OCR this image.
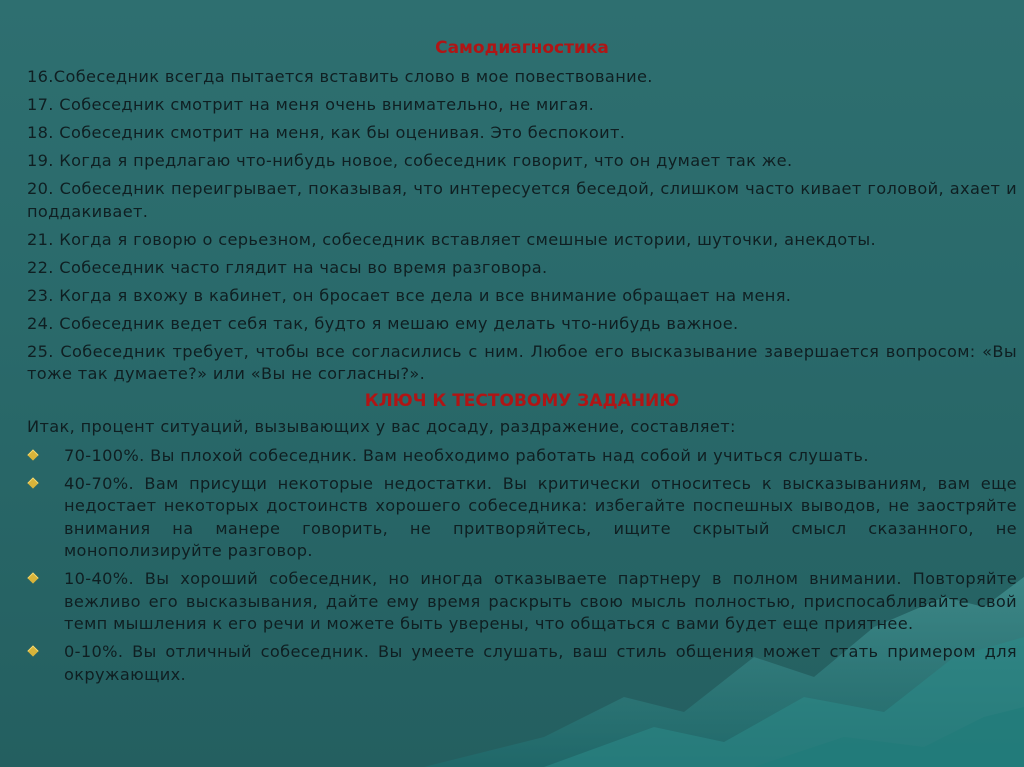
Самодиагностика
16.Собеседник всегда пытается вставить слово в мое повествование.
17. Собеседник смотрит на меня очень внимательно, не мигая.
18. Собеседник смотрит на меня, как бы оценивая. Это беспокоит.
19. Когда я предлагаю что-нибудь новое, собеседник говорит, что он думает так же.
20. Собеседник переигрывает, показывая, что интересуется беседой, слишком часто кивает головой, ахает и поддакивает.
21. Когда я говорю о серьезном, собеседник вставляет смешные истории, шуточки, анекдоты.
22. Собеседник часто глядит на часы во время разговора.
23. Когда я вхожу в кабинет, он бросает все дела и все внимание обращает на меня.
24. Собеседник ведет себя так, будто я мешаю ему делать что-нибудь важное.
25. Собеседник требует, чтобы все согласились с ним. Любое его высказывание завершается вопросом: «Вы тоже так думаете?» или «Вы не согласны?».
КЛЮЧ К ТЕСТОВОМУ ЗАДАНИЮ
Итак, процент ситуаций, вызывающих у вас досаду, раздражение, составляет:
70-100%. Вы плохой собеседник. Вам необходимо работать над собой и учиться слушать.
40-70%. Вам присущи некоторые недостатки. Вы критически относитесь к высказываниям, вам еще недостает некоторых достоинств хорошего собеседника: избегайте поспешных выводов, не заостряйте внимания на манере говорить, не притворяйтесь, ищите скрытый смысл сказанного, не монополизируйте разговор.
10-40%. Вы хороший собеседник, но иногда отказываете партнеру в полном внимании. Повторяйте вежливо его высказывания, дайте ему время раскрыть свою мысль полностью, приспосабливайте свой темп мышления к его речи и можете быть уверены, что общаться с вами будет еще приятнее.
0-10%. Вы отличный собеседник. Вы умеете слушать, ваш стиль общения может стать примером для окружающих.
